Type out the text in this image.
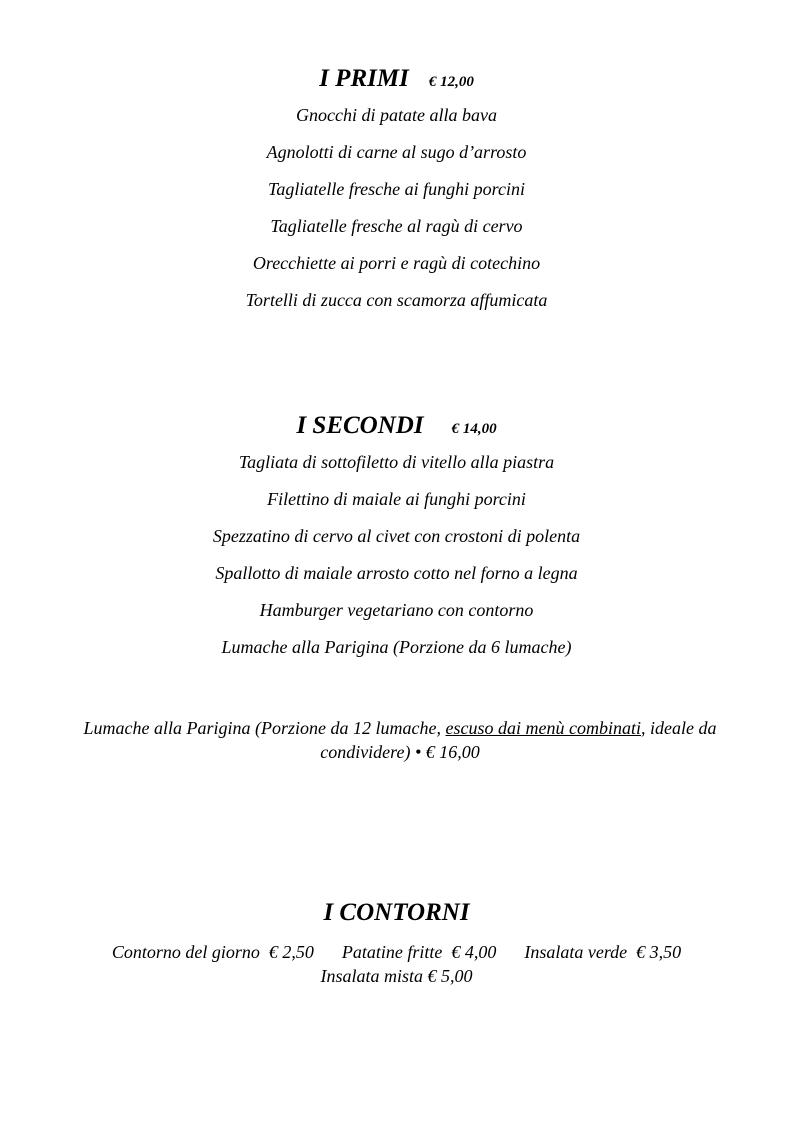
I PRIMI € 12,00
Gnocchi di patate alla bava
Agnolotti di carne al sugo d’arrosto
Tagliatelle fresche ai funghi porcini
Tagliatelle fresche al ragù di cervo
Orecchiette ai porri e ragù di cotechino
Tortelli di zucca con scamorza affumicata
I SECONDI € 14,00
Tagliata di sottofiletto di vitello alla piastra
Filettino di maiale ai funghi porcini
Spezzatino di cervo al civet con crostoni di polenta
Spallotto di maiale arrosto cotto nel forno a legna
Hamburger vegetariano con contorno
Lumache alla Parigina (Porzione da 6 lumache)
Lumache alla Parigina (Porzione da 12 lumache, escuso dai menù combinati, ideale da condividere) • € 16,00
I CONTORNI
Contorno del giorno  € 2,50 Patatine fritte  € 4,00 Insalata verde  € 3,50
Insalata mista € 5,00
